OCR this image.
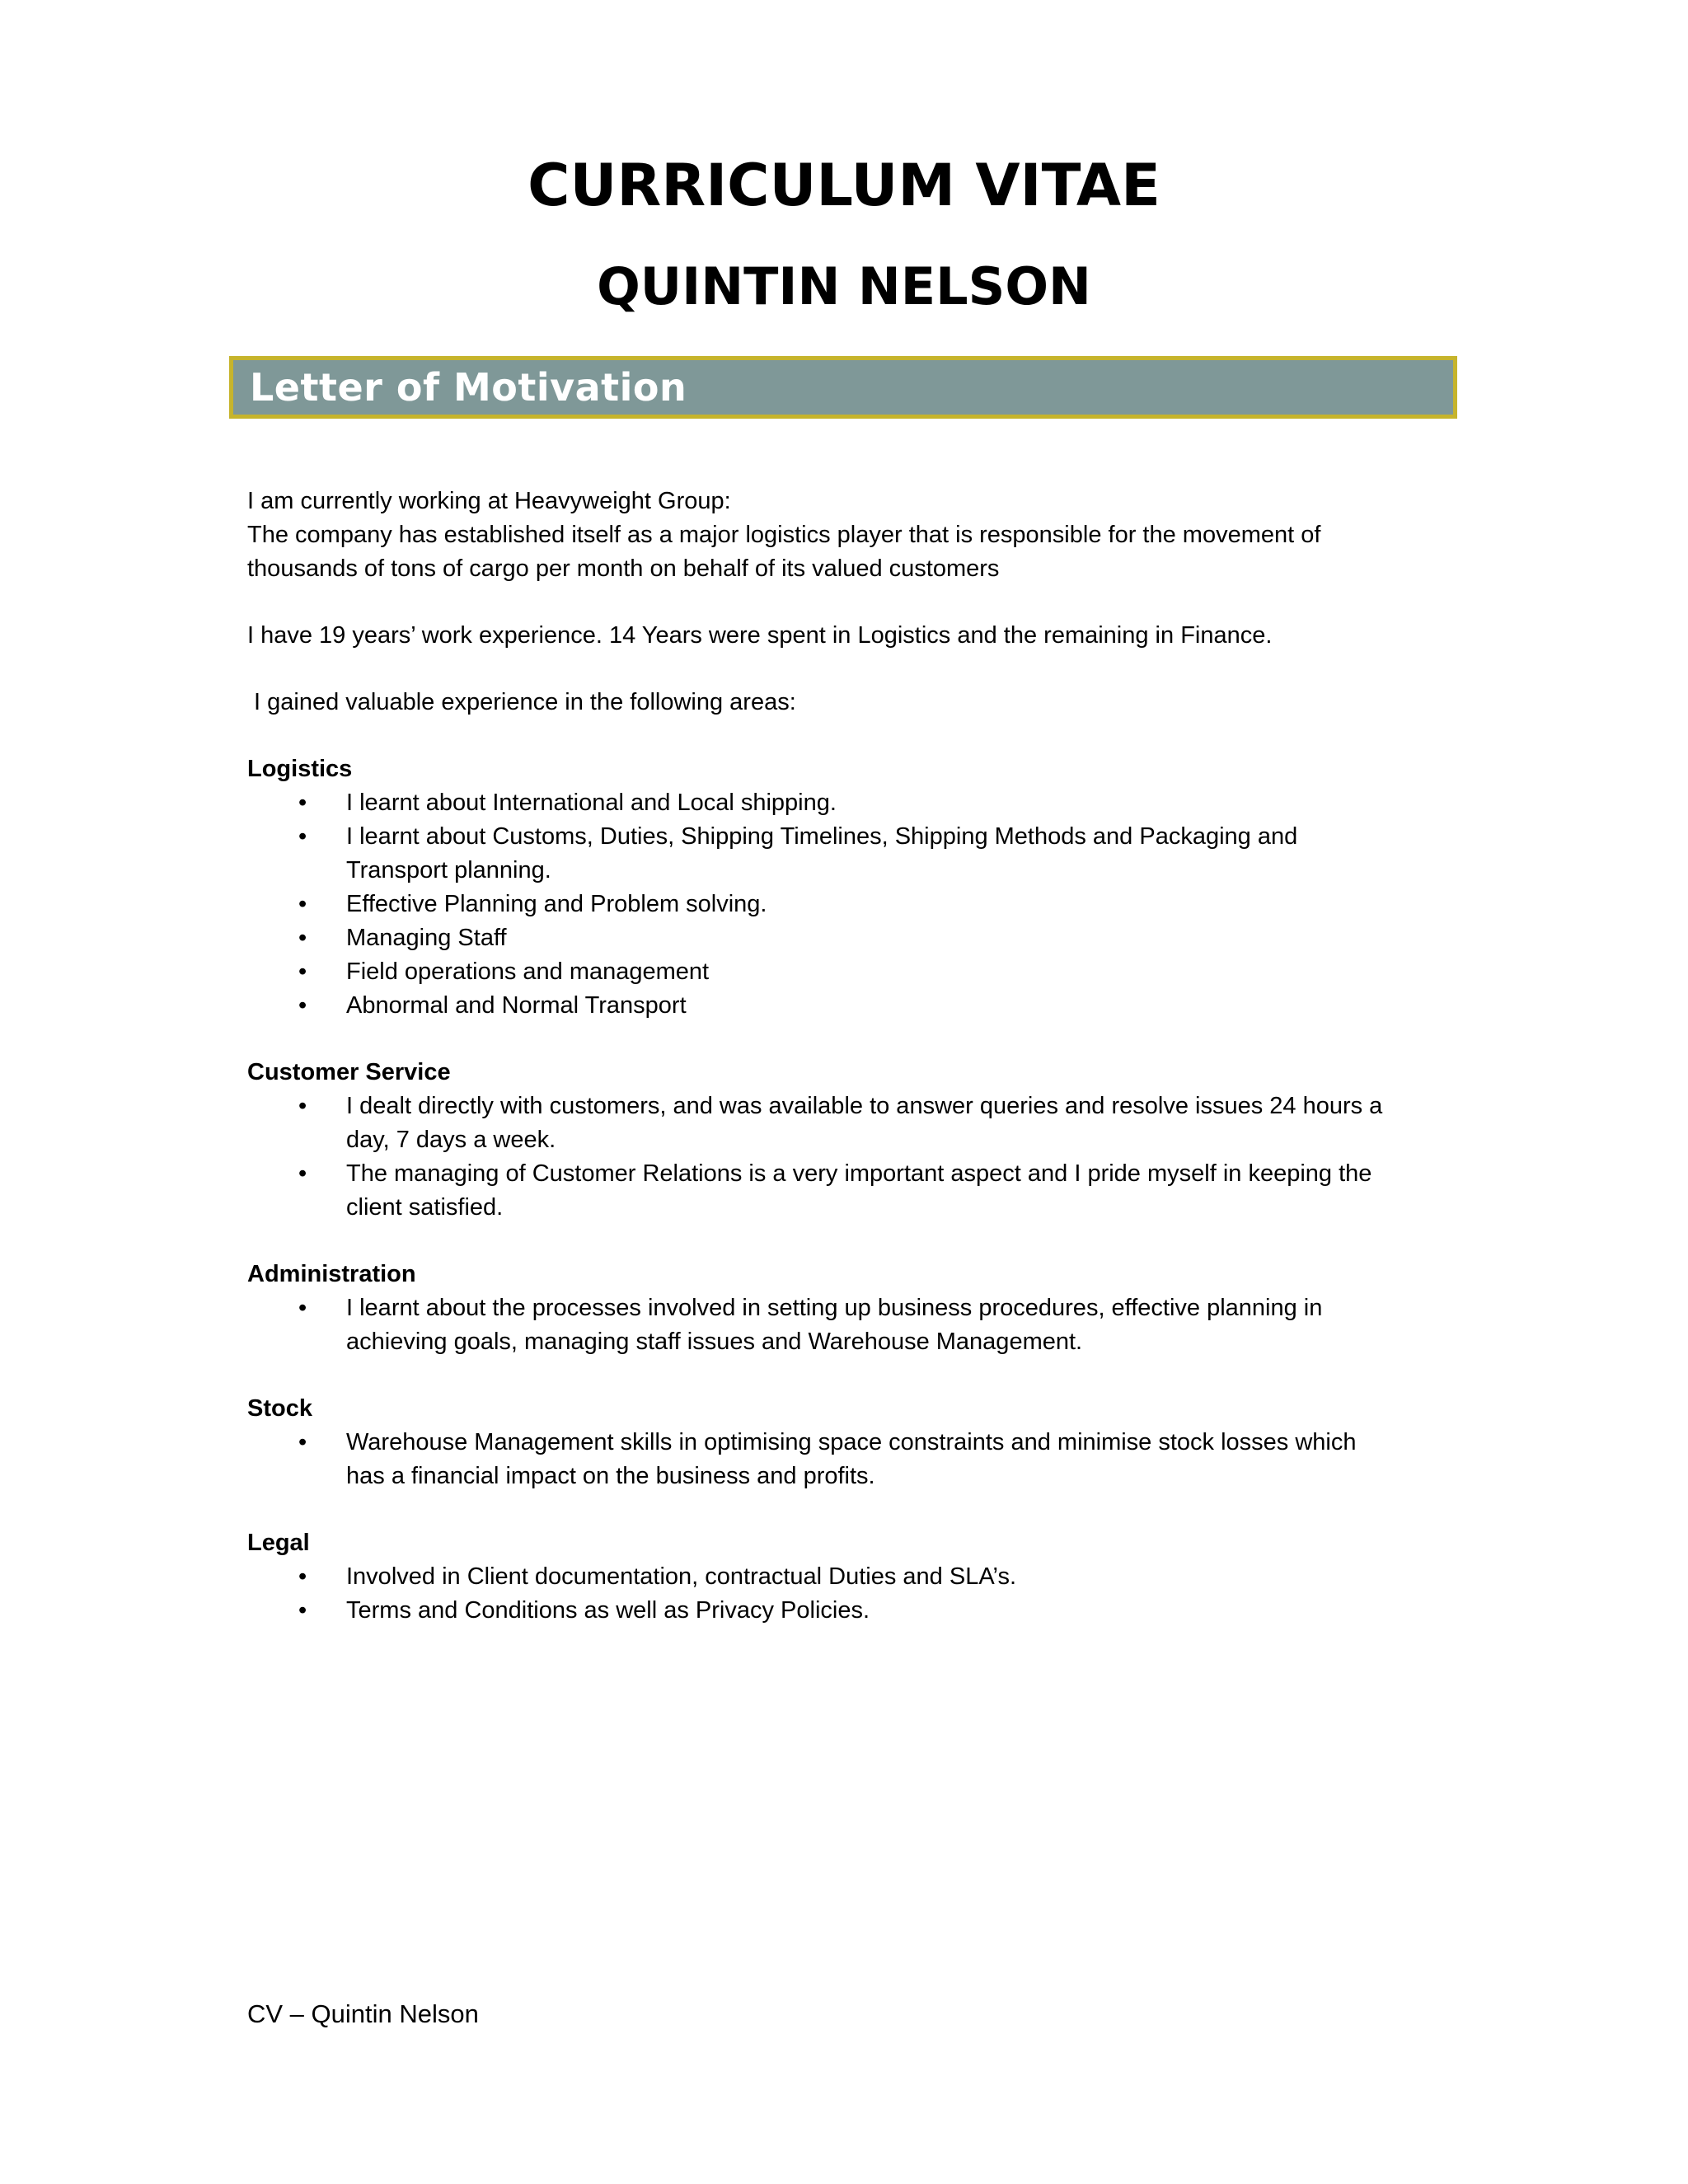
CURRICULUM VITAE
QUINTIN NELSON
Letter of Motivation

I am currently working at Heavyweight Group:

The company has established itself as a major logistics player that is responsible for the movement of

thousands of tons of cargo per month on behalf of its valued customers

I have 19 years’ work experience. 14 Years were spent in Logistics and the remaining in Finance.

I gained valuable experience in the following areas:

Logistics

• I learnt about International and Local shipping.
• I learnt about Customs, Duties, Shipping Timelines, Shipping Methods and Packaging and
Transport planning.
• Effective Planning and Problem solving.
• Managing Staff
• Field operations and management
• Abnormal and Normal Transport

Customer Service

• I dealt directly with customers, and was available to answer queries and resolve issues 24 hours a
day, 7 days a week.
• The managing of Customer Relations is a very important aspect and I pride myself in keeping the
client satisfied.

Administration

• I learnt about the processes involved in setting up business procedures, effective planning in
achieving goals, managing staff issues and Warehouse Management.

Stock

• Warehouse Management skills in optimising space constraints and minimise stock losses which
has a financial impact on the business and profits.

Legal

• Involved in Client documentation, contractual Duties and SLA’s.
• Terms and Conditions as well as Privacy Policies.
CV – Quintin Nelson
